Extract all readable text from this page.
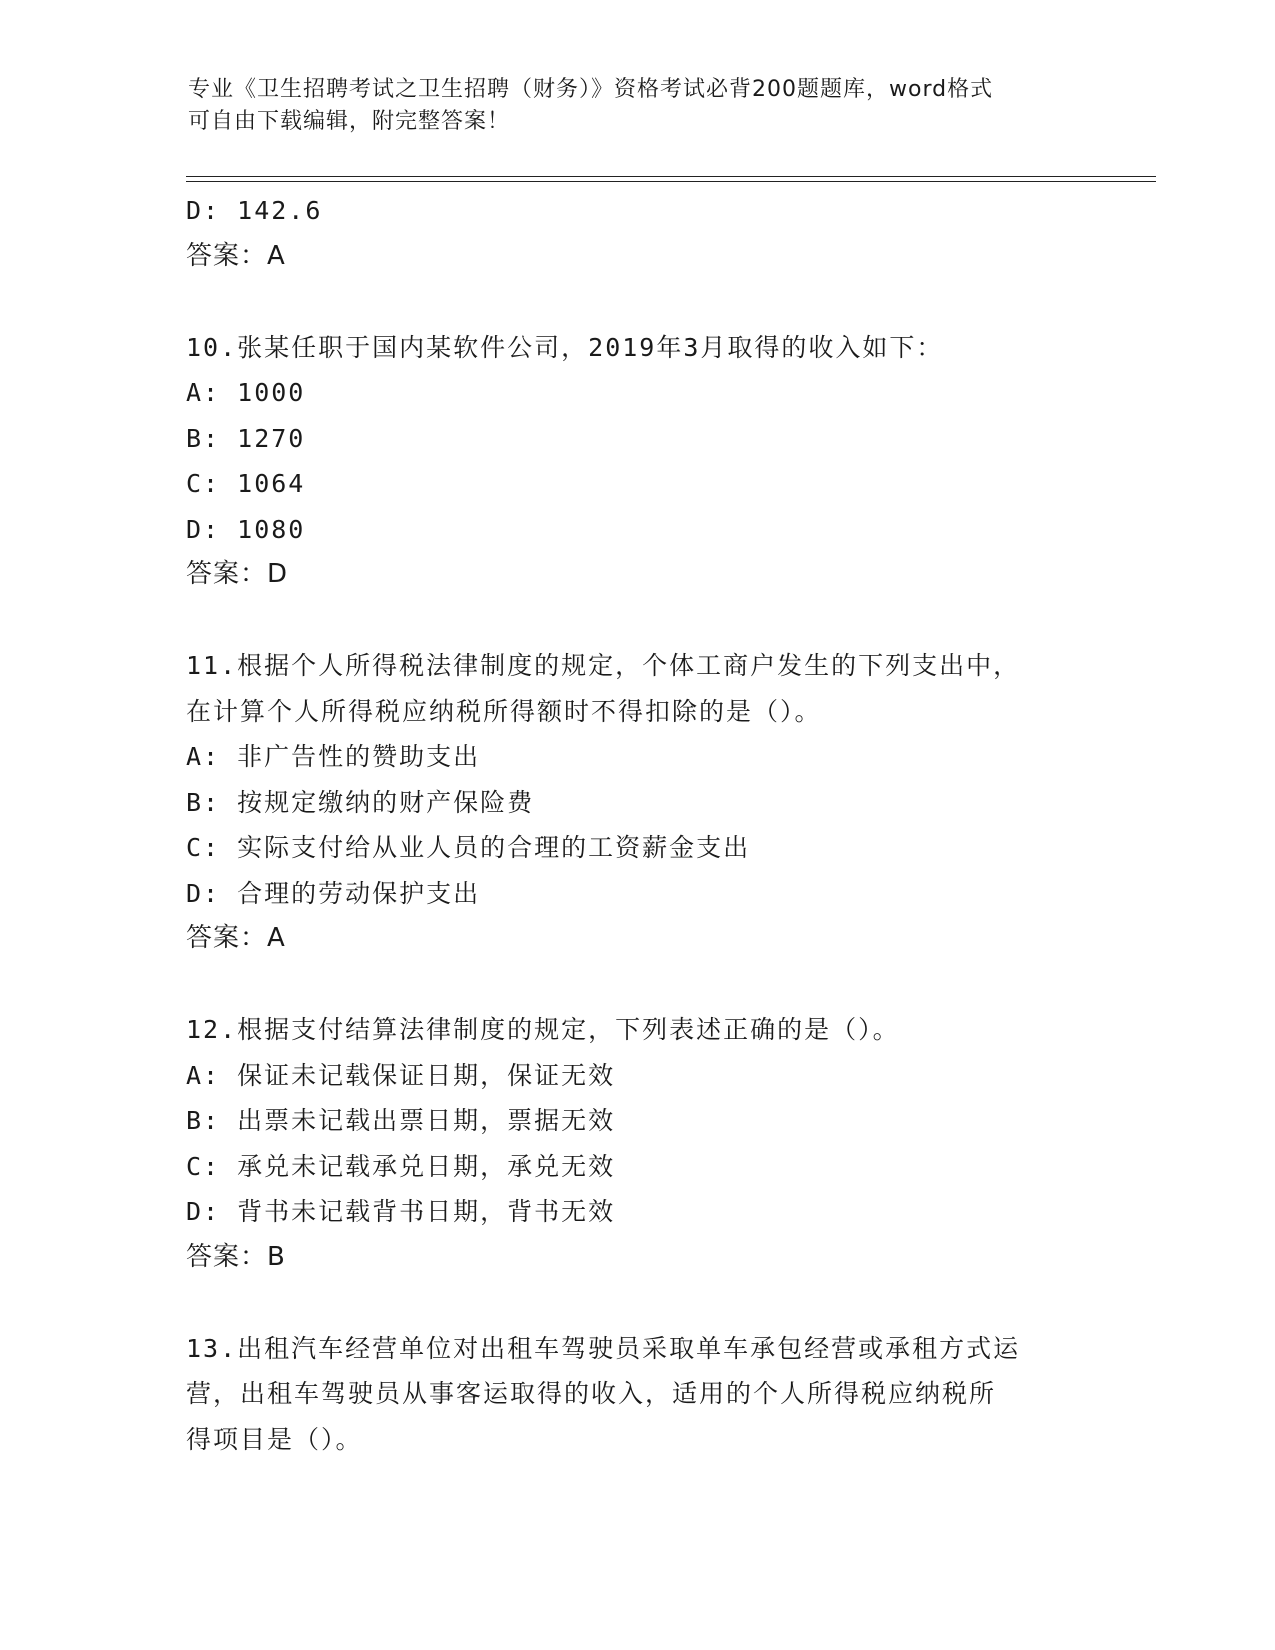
专业《卫生招聘考试之卫生招聘（财务）》资格考试必背200题题库，word格式
可自由下载编辑，附完整答案！
D: 142.6
答案：A
10.张某任职于国内某软件公司，2019年3月取得的收入如下：
A: 1000
B: 1270
C: 1064
D: 1080
答案：D
11.根据个人所得税法律制度的规定，个体工商户发生的下列支出中，
在计算个人所得税应纳税所得额时不得扣除的是（）。
A: 非广告性的赞助支出
B: 按规定缴纳的财产保险费
C: 实际支付给从业人员的合理的工资薪金支出
D: 合理的劳动保护支出
答案：A
12.根据支付结算法律制度的规定，下列表述正确的是（）。
A: 保证未记载保证日期，保证无效
B: 出票未记载出票日期，票据无效
C: 承兑未记载承兑日期，承兑无效
D: 背书未记载背书日期，背书无效
答案：B
13.出租汽车经营单位对出租车驾驶员采取单车承包经营或承租方式运
营，出租车驾驶员从事客运取得的收入，适用的个人所得税应纳税所
得项目是（）。
